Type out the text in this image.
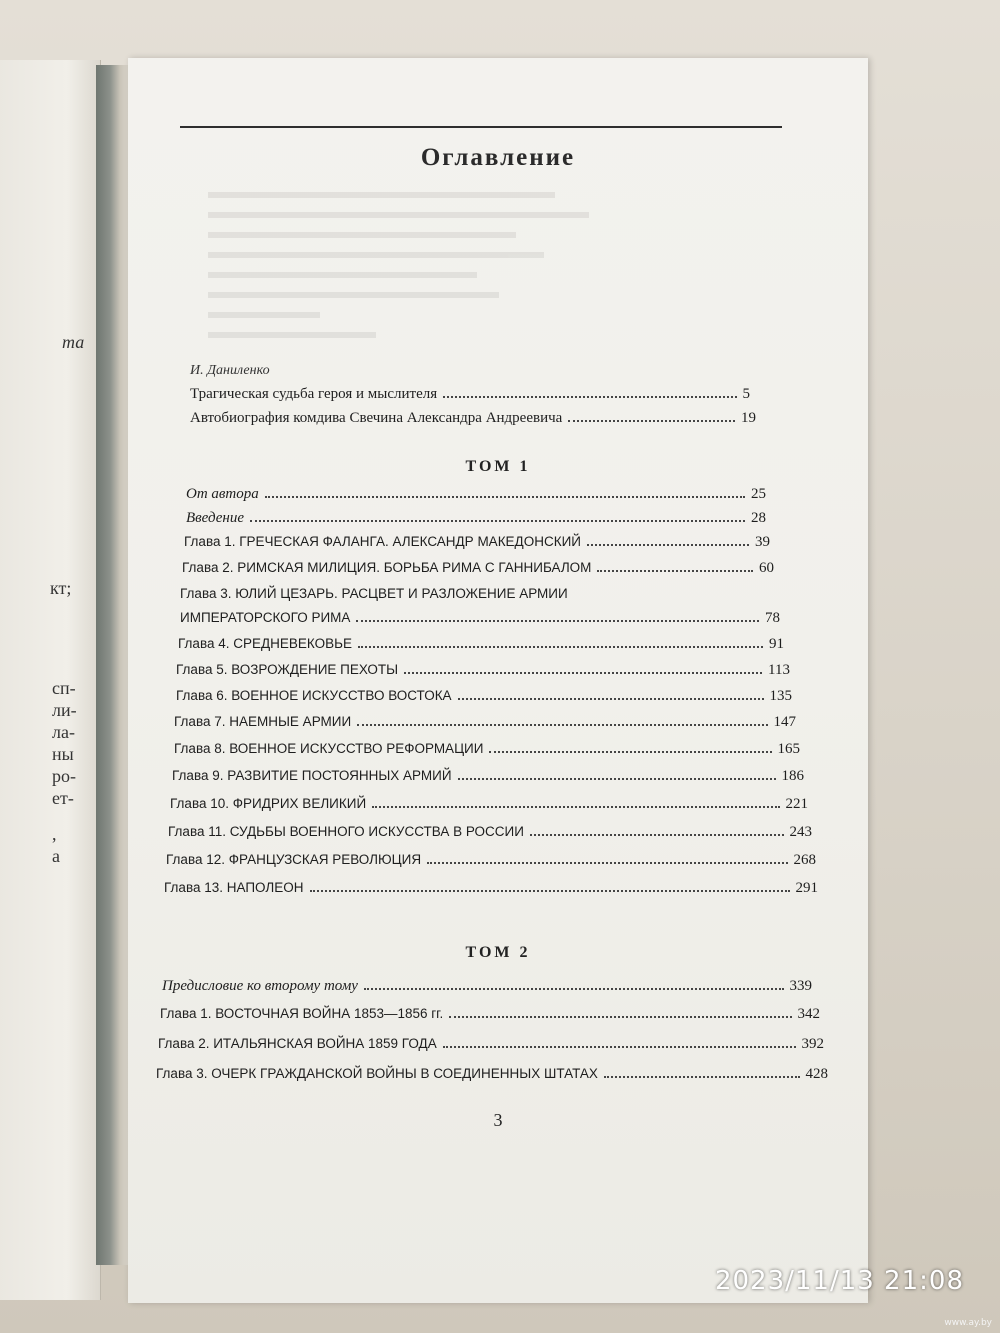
та
кт;
сп-
ли-
ла-
ны
ро-
ет-
,
а
Оглавление
И. Даниленко
Трагическая судьба героя и мыслителя	5
Автобиография комдива Свечина Александра Андреевича	19
ТОМ 1
От автора	25
Введение	28
Глава 1. ГРЕЧЕСКАЯ ФАЛАНГА. АЛЕКСАНДР МАКЕДОНСКИЙ	39
Глава 2. РИМСКАЯ МИЛИЦИЯ. БОРЬБА РИМА С ГАННИБАЛОМ	60
Глава 3. ЮЛИЙ ЦЕЗАРЬ. РАСЦВЕТ И РАЗЛОЖЕНИЕ АРМИИ
ИМПЕРАТОРСКОГО РИМА	78
Глава 4. СРЕДНЕВЕКОВЬЕ	91
Глава 5. ВОЗРОЖДЕНИЕ ПЕХОТЫ	113
Глава 6. ВОЕННОЕ ИСКУССТВО ВОСТОКА	135
Глава 7. НАЕМНЫЕ АРМИИ	147
Глава 8. ВОЕННОЕ ИСКУССТВО РЕФОРМАЦИИ	165
Глава 9. РАЗВИТИЕ ПОСТОЯННЫХ АРМИЙ	186
Глава 10. ФРИДРИХ ВЕЛИКИЙ	221
Глава 11. СУДЬБЫ ВОЕННОГО ИСКУССТВА В РОССИИ	243
Глава 12. ФРАНЦУЗСКАЯ РЕВОЛЮЦИЯ	268
Глава 13. НАПОЛЕОН	291
ТОМ 2
Предисловие ко второму тому	339
Глава 1. ВОСТОЧНАЯ ВОЙНА 1853—1856 гг.	342
Глава 2. ИТАЛЬЯНСКАЯ ВОЙНА 1859 ГОДА	392
Глава 3. ОЧЕРК ГРАЖДАНСКОЙ ВОЙНЫ В СОЕДИНЕННЫХ ШТАТАХ	428
3
2023/11/13 21:08
www.ay.by
